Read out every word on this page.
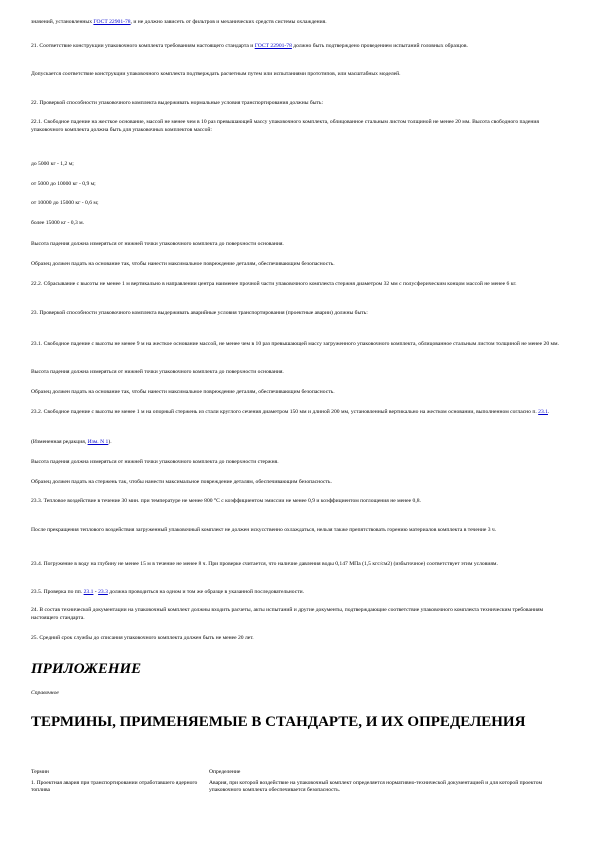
значений, установленных ГОСТ 22901-78, и не должно зависеть от фильтров и механических средств системы охлаждения.

21. Соответствие конструкции упаковочного комплекта требованиям настоящего стандарта и ГОСТ 22901-78 должно быть подтверждено проведением испытаний головных образцов.

Допускается соответствие конструкции упаковочного комплекта подтверждать расчетным путем или испытаниями прототипов, или масштабных моделей.

22. Проверкой способности упаковочного комплекта выдерживать нормальные условия транспортирования должны быть:

22.1. Свободное падение на жесткое основание, массой не менее чем в 10 раз превышающей массу упаковочного комплекта, облицованное стальным листом толщиной не менее 20 мм. Высота свободного падения упаковочного комплекта должна быть для упаковочных комплектов массой:

до 5000 кг - 1,2 м;

от 5000 до 10000 кг - 0,9 м;

от 10000 до 15000 кг - 0,6 м;

более 15000 кг - 0,3 м.

Высота падения должна измеряться от нижней точки упаковочного комплекта до поверхности основания.

Образец должен падать на основание так, чтобы нанести максимальное повреждение деталям, обеспечивающим безопасность.

22.2. Сбрасывание с высоты не менее 1 м вертикально в направлении центра наименее прочной части упаковочного комплекта стержня диаметром 32 мм с полусферическим концом массой не менее 6 кг.

23. Проверкой способности упаковочного комплекта выдерживать аварийные условия транспортирования (проектные аварии) должны быть:

23.1. Свободное падение с высоты не менее 9 м на жесткое основание массой, не менее чем в 10 раз превышающей массу загруженного упаковочного комплекта, облицованное стальным листом толщиной не менее 20 мм.

Высота падения должна измеряться от нижней точки упаковочного комплекта до поверхности основания.

Образец должен падать на основание так, чтобы нанести максимальное повреждение деталям, обеспечивающим безопасность.

23.2. Свободное падение с высоты не менее 1 м на опорный стержень из стали круглого сечения диаметром 150 мм и длиной 200 мм, установленный вертикально на жестком основании, выполненном согласно п. 23.1.

(Измененная редакция, Изм. N 1).

Высота падения должна измеряться от нижней точки упаковочного комплекта до поверхности стержня.

Образец должен падать на стержень так, чтобы нанести максимальное повреждение деталям, обеспечивающим безопасность.

23.3. Тепловое воздействие в течение 30 мин. при температуре не менее 800 °С с коэффициентом эмиссии не менее 0,9 и коэффициентом поглощения не менее 0,8.

После прекращения теплового воздействия загруженный упаковочный комплект не должен искусственно охлаждаться, нельзя также препятствовать горению материалов комплекта в течение 3 ч.

23.4. Погружение в воду на глубину не менее 15 м в течение не менее 8 ч. При проверке считается, что наличие давления воды 0,147 МПа (1,5 кгс/см2) (избыточное) соответствует этим условиям.

23.5. Проверка по пп. 23.1 - 23.3 должна проводиться на одном и том же образце в указанной последовательности.

24. В состав технической документации на упаковочный комплект должны входить расчеты, акты испытаний и другие документы, подтверждающие соответствие упаковочного комплекта техническим требованиям настоящего стандарта.

25. Средний срок службы до списания упаковочного комплекта должен быть не менее 20 лет.

ПРИЛОЖЕНИЕ

Справочное

ТЕРМИНЫ, ПРИМЕНЯЕМЫЕ В СТАНДАРТЕ, И ИХ ОПРЕДЕЛЕНИЯ
Термин	Определение
1. Проектная авария при транспортировании отработавшего ядерного топлива	Авария, при которой воздействие на упаковочный комплект определяется нормативно-технической документацией и для которой проектом упаковочного комплекта обеспечивается безопасность.
